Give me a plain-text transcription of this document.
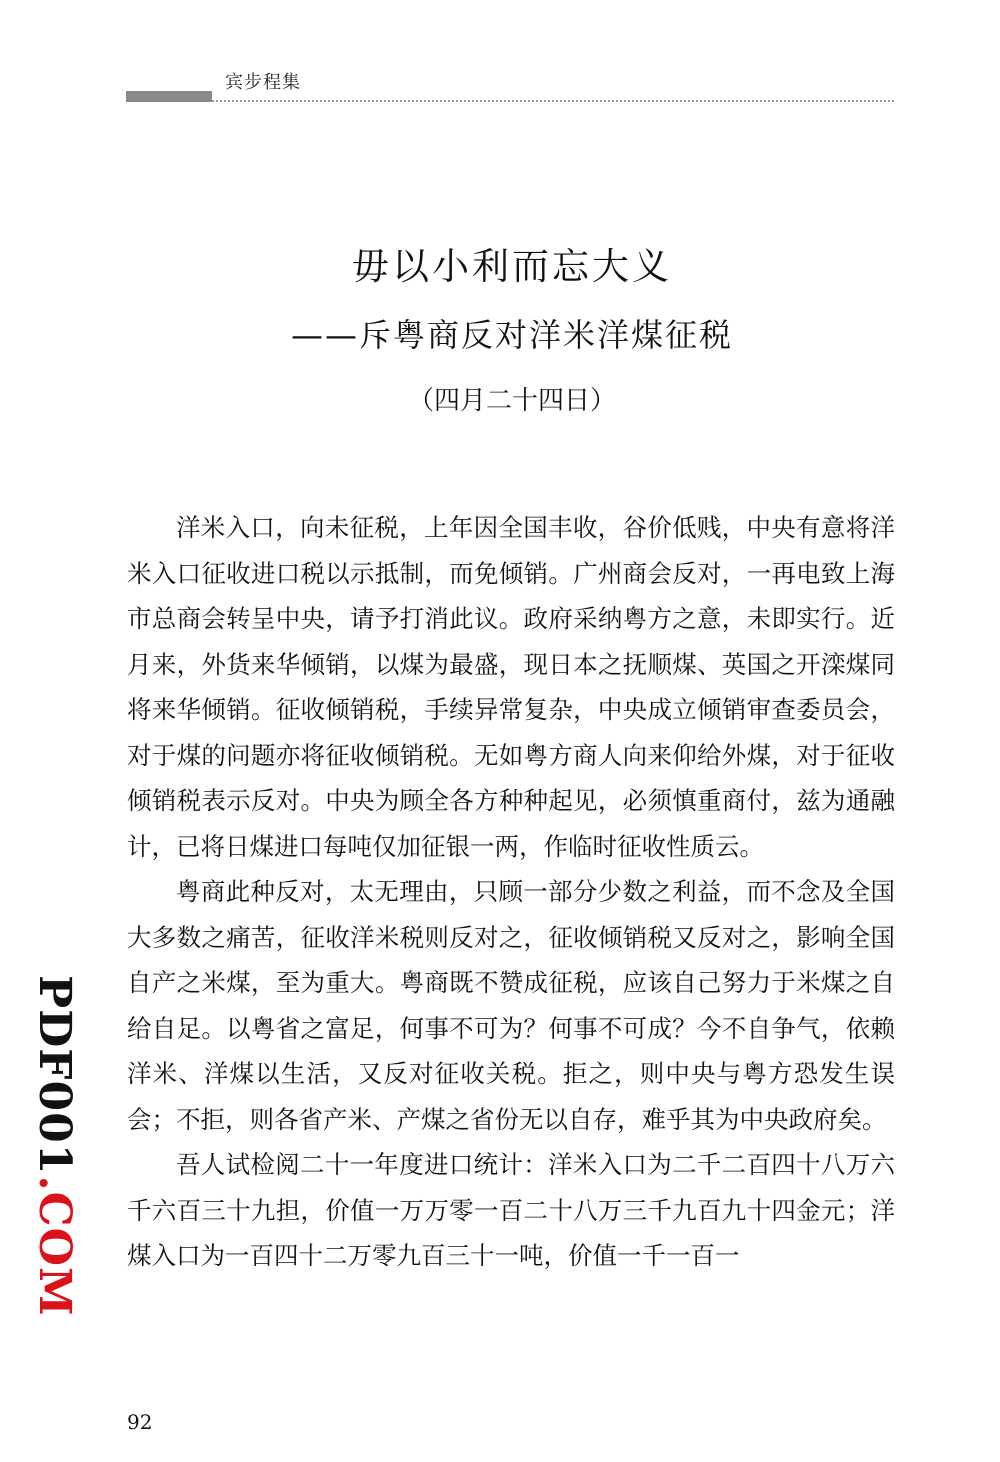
宾步程集
毋以小利而忘大义
——斥粤商反对洋米洋煤征税
（四月二十四日）

洋米入口，向未征税，上年因全国丰收，谷价低贱，中央有意将洋米入口征收进口税以示抵制，而免倾销。广州商会反对，一再电致上海市总商会转呈中央，请予打消此议。政府采纳粤方之意，未即实行。近月来，外货来华倾销，以煤为最盛，现日本之抚顺煤、英国之开滦煤同将来华倾销。征收倾销税，手续异常复杂，中央成立倾销审查委员会，对于煤的问题亦将征收倾销税。无如粤方商人向来仰给外煤，对于征收倾销税表示反对。中央为顾全各方种种起见，必须慎重商付，兹为通融计，已将日煤进口每吨仅加征银一两，作临时征收性质云。

粤商此种反对，太无理由，只顾一部分少数之利益，而不念及全国大多数之痛苦，征收洋米税则反对之，征收倾销税又反对之，影响全国自产之米煤，至为重大。粤商既不赞成征税，应该自己努力于米煤之自给自足。以粤省之富足，何事不可为？何事不可成？今不自争气，依赖洋米、洋煤以生活，又反对征收关税。拒之，则中央与粤方恐发生误会；不拒，则各省产米、产煤之省份无以自存，难乎其为中央政府矣。

吾人试检阅二十一年度进口统计：洋米入口为二千二百四十八万六千六百三十九担，价值一万万零一百二十八万三千九百九十四金元；洋煤入口为一百四十二万零九百三十一吨，价值一千一百一

PDF001.COM
92
